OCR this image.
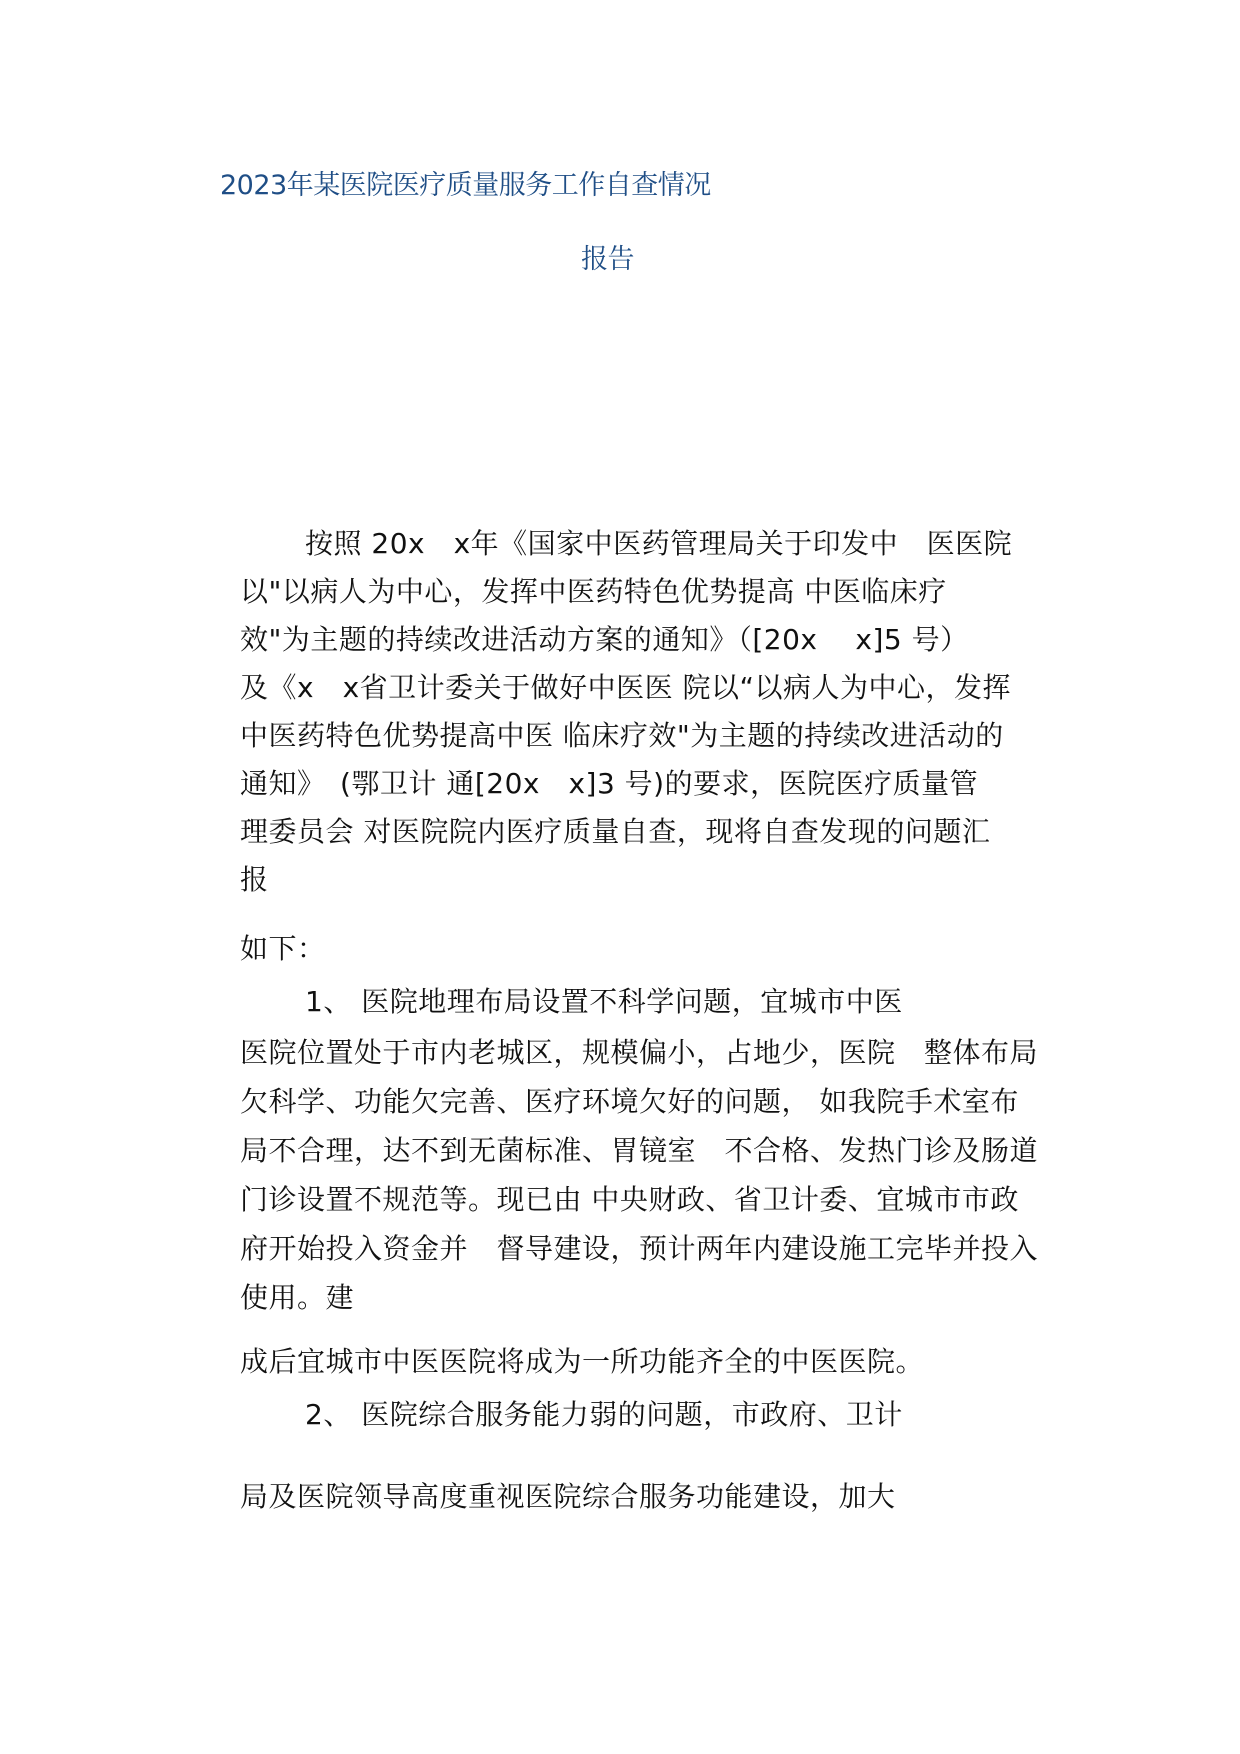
2023年某医院医疗质量服务工作自查情况
报告
按照 20x　x年《国家中医药管理局关于印发中　医医院
以"以病人为中心，发挥中医药特色优势提高 中医临床疗
效"为主题的持续改进活动方案的通知》（[20x　 x]5 号）
及《x　x省卫计委关于做好中医医 院以“以病人为中心，发挥
中医药特色优势提高中医 临床疗效"为主题的持续改进活动的
通知》　(鄂卫计 通[20x　x]3 号)的要求，医院医疗质量管
理委员会 对医院院内医疗质量自查，现将自查发现的问题汇
报
如下：
1、 医院地理布局设置不科学问题，宜城市中医
医院位置处于市内老城区，规模偏小，占地少，医院　整体布局
欠科学、功能欠完善、医疗环境欠好的问题， 如我院手术室布
局不合理，达不到无菌标准、胃镜室　不合格、发热门诊及肠道
门诊设置不规范等。现已由 中央财政、省卫计委、宜城市市政
府开始投入资金并　督导建设，预计两年内建设施工完毕并投入
使用。建
成后宜城市中医医院将成为一所功能齐全的中医医院。
2、 医院综合服务能力弱的问题，市政府、卫计
局及医院领导高度重视医院综合服务功能建设，加大
